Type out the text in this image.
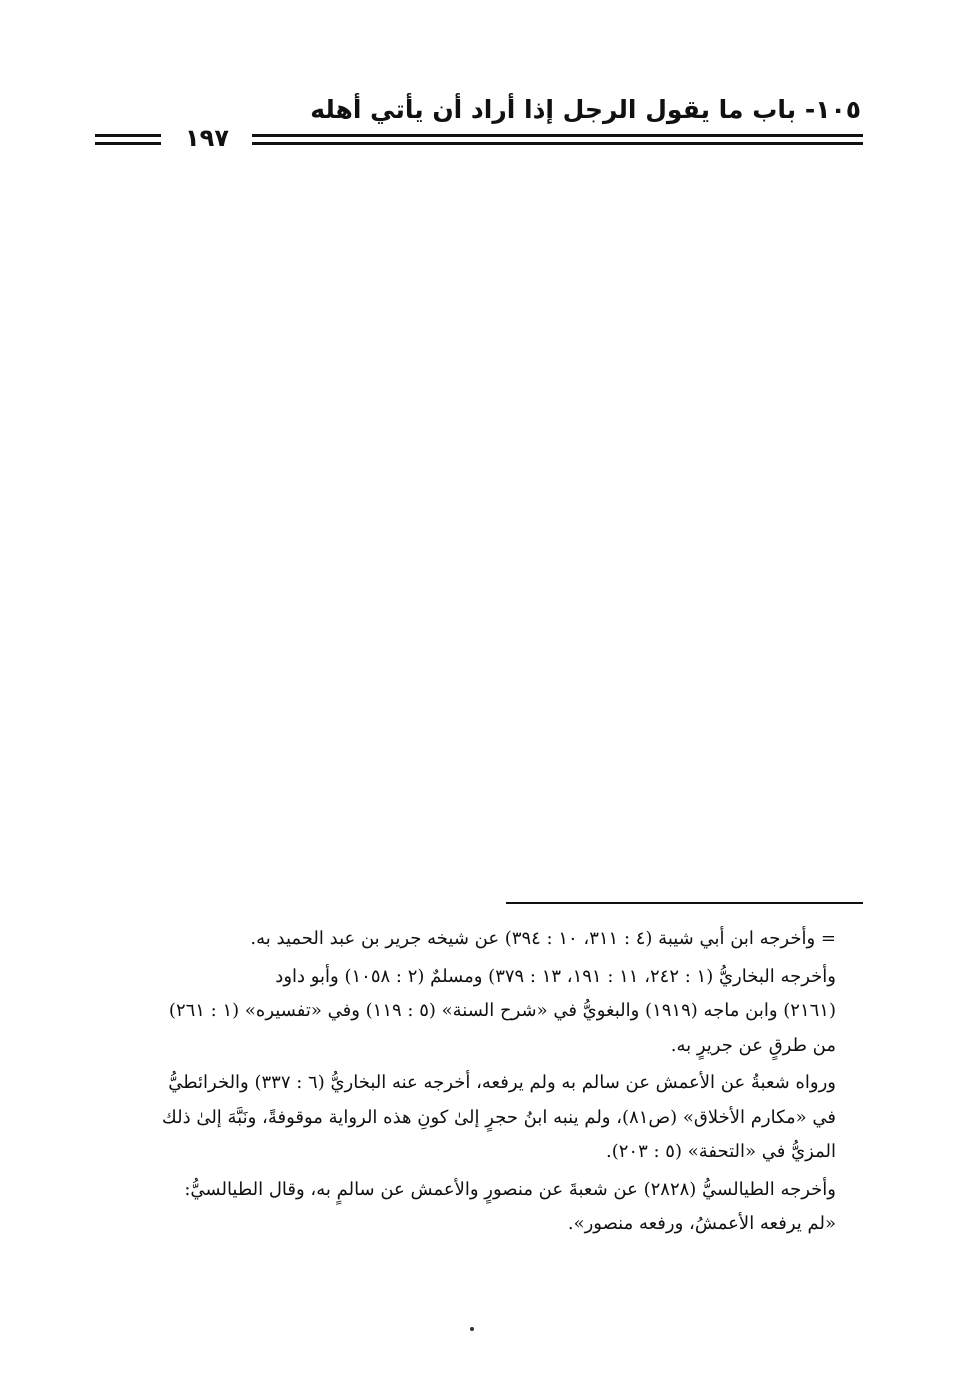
١٠٥- باب ما يقول الرجل إذا أراد أن يأتي أهله
١٩٧
= وأخرجه ابن أبي شيبة (٤ : ٣١١، ١٠ : ٣٩٤) عن شيخه جرير بن عبد الحميد به.
وأخرجه البخاريُّ (١ : ٢٤٢، ١١ : ١٩١، ١٣ : ٣٧٩) ومسلمٌ (٢ : ١٠٥٨) وأبو داود
(٢١٦١) وابن ماجه (١٩١٩) والبغويُّ في «شرح السنة» (٥ : ١١٩) وفي «تفسيره» (١ : ٢٦١)
من طرقٍ عن جريرٍ به.
ورواه شعبةُ عن الأعمش عن سالم به ولم يرفعه، أخرجه عنه البخاريُّ (٦ : ٣٣٧) والخرائطيُّ
في «مكارم الأخلاق» (ص٨١)، ولم ينبه ابنُ حجرٍ إلىٰ كونِ هذه الرواية موقوفةً، ونَبَّهَ إلىٰ ذلك
المزيُّ في «التحفة» (٥ : ٢٠٣).
وأخرجه الطيالسيُّ (٢٨٢٨) عن شعبةَ عن منصورٍ والأعمش عن سالمٍ به، وقال الطيالسيُّ:
«لم يرفعه الأعمشُ، ورفعه منصور».
